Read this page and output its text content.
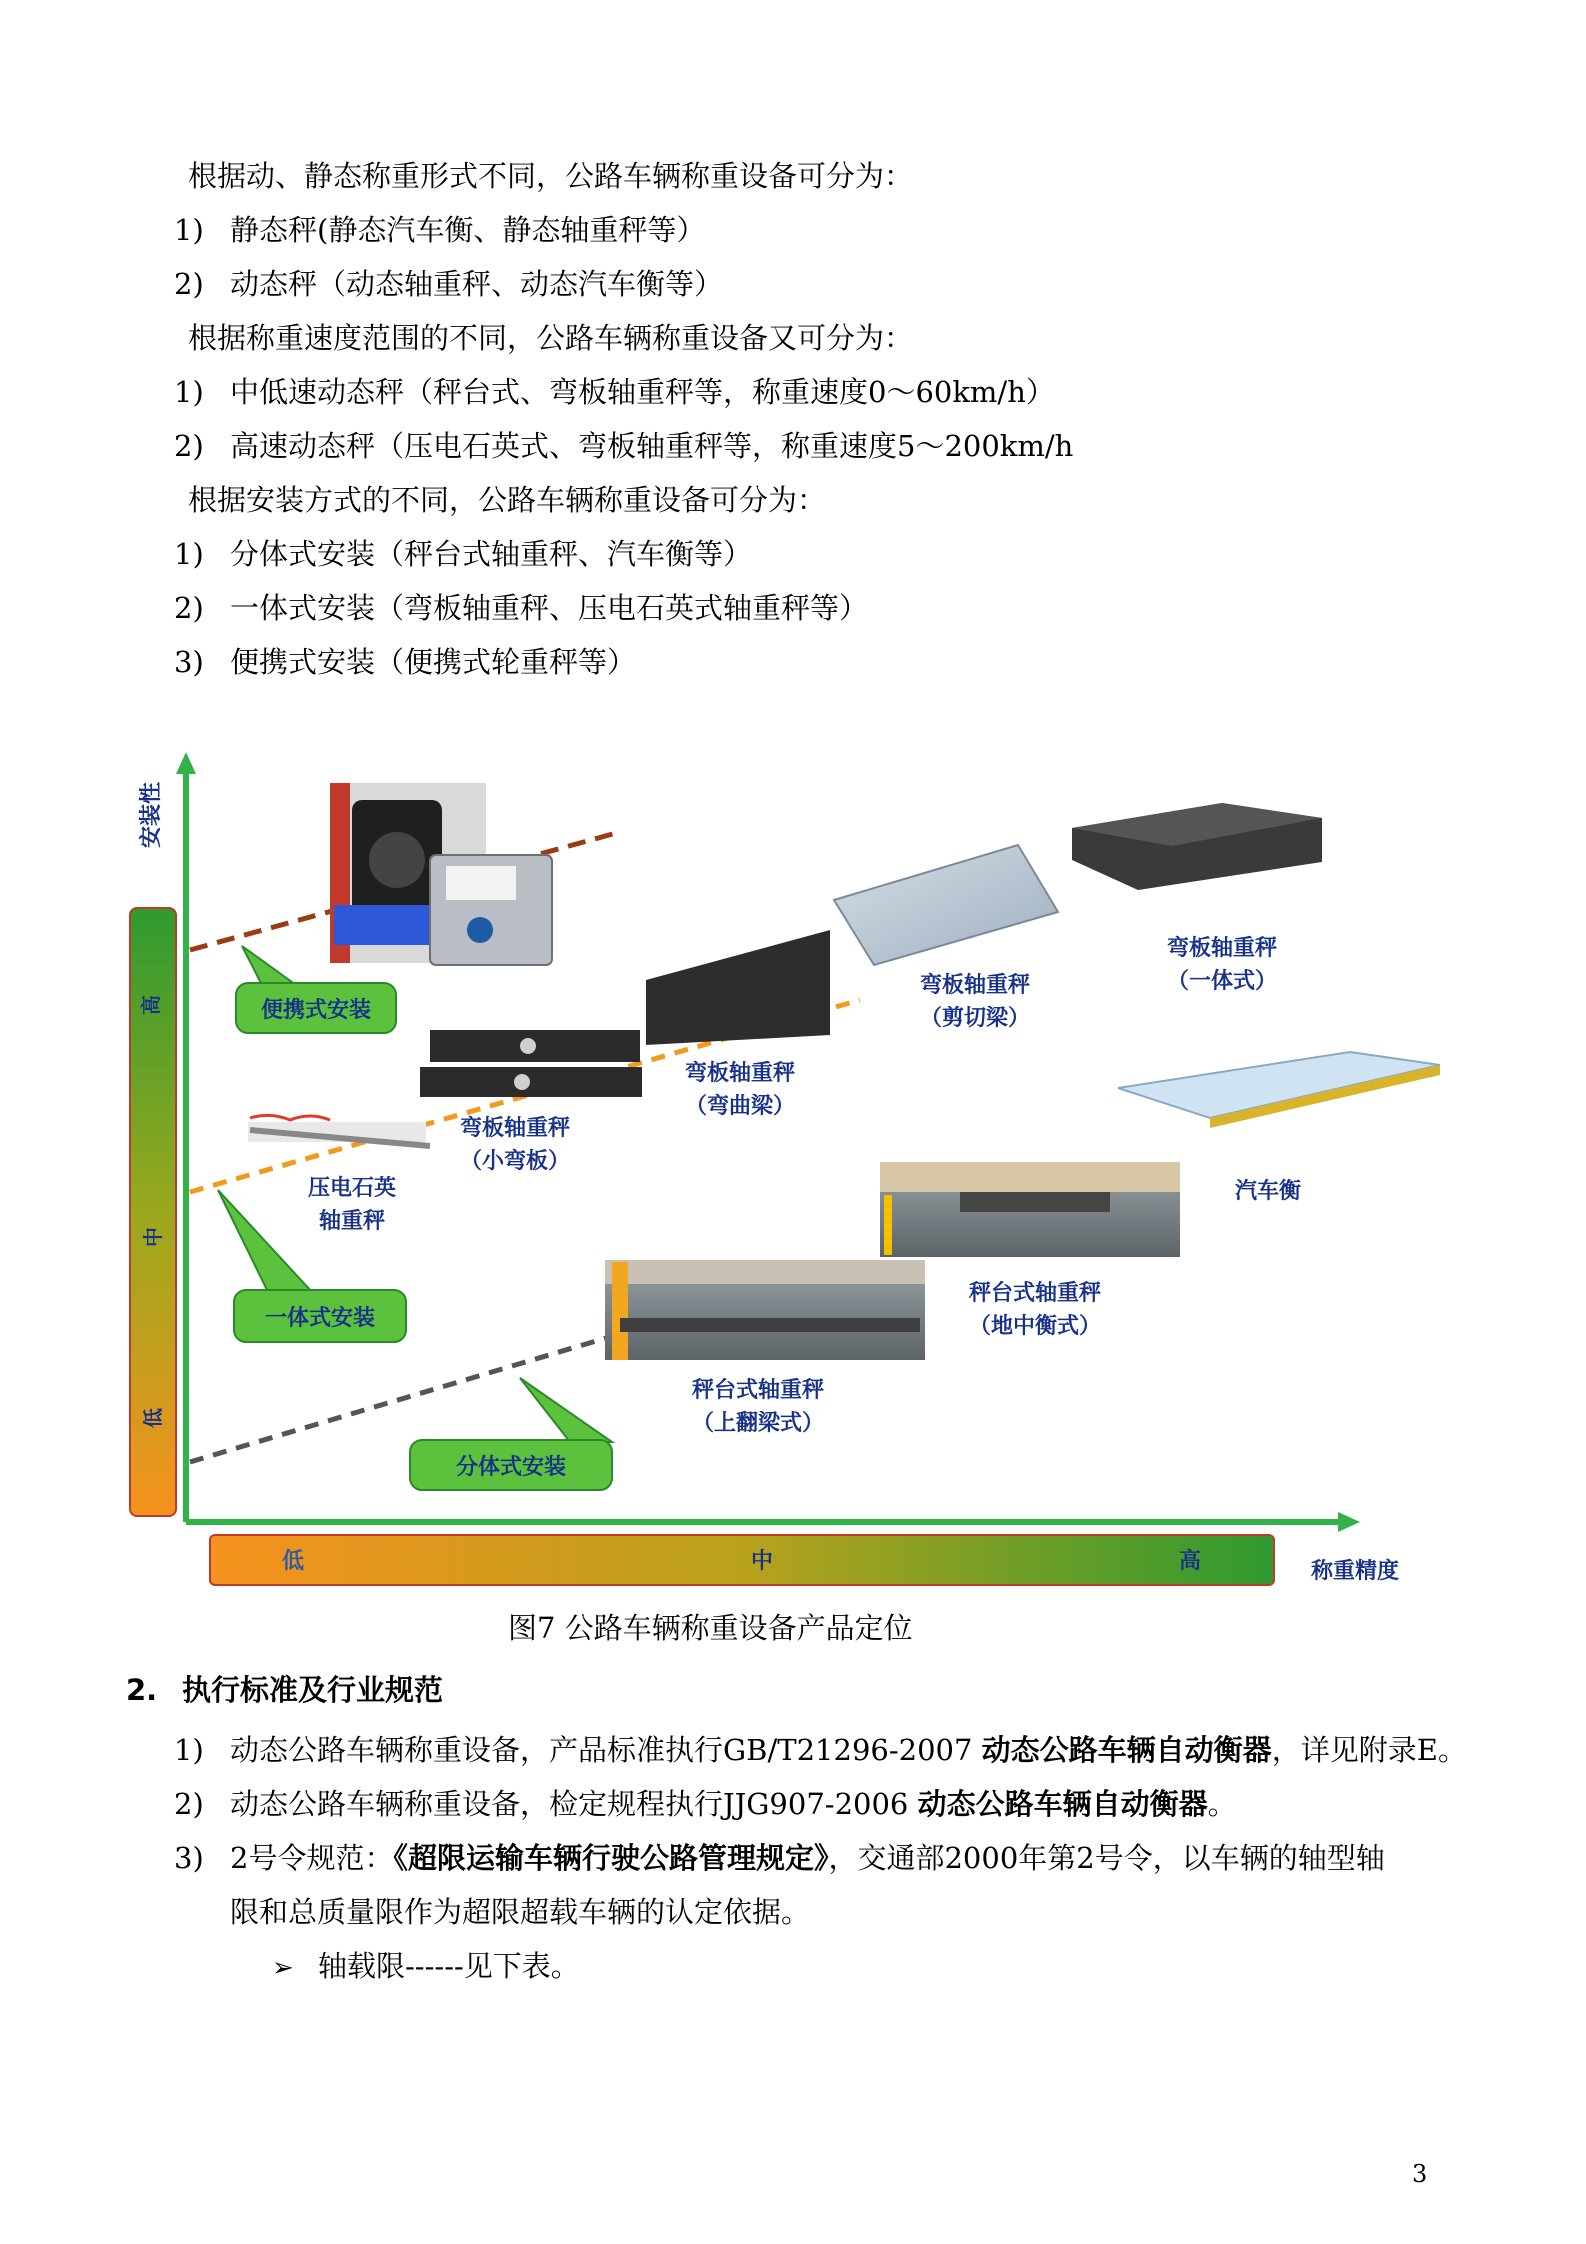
根据动、静态称重形式不同，公路车辆称重设备可分为：
1) 静态秤(静态汽车衡、静态轴重秤等）
2) 动态秤（动态轴重秤、动态汽车衡等）
根据称重速度范围的不同，公路车辆称重设备又可分为：
1) 中低速动态秤（秤台式、弯板轴重秤等，称重速度0～60km/h）
2) 高速动态秤（压电石英式、弯板轴重秤等，称重速度5～200km/h
根据安装方式的不同，公路车辆称重设备可分为：
1) 分体式安装（秤台式轴重秤、汽车衡等）
2) 一体式安装（弯板轴重秤、压电石英式轴重秤等）
3) 便携式安装（便携式轮重秤等）
安装性
称重精度
高
中
低
低	中	高
便携式安装
一体式安装
分体式安装
压电石英
轴重秤
弯板轴重秤
（小弯板）
弯板轴重秤
（弯曲梁）
弯板轴重秤
（剪切梁）
弯板轴重秤
（一体式）
汽车衡
秤台式轴重秤
（地中衡式）
秤台式轴重秤
（上翻梁式）
图7 公路车辆称重设备产品定位
2. 执行标准及行业规范
1) 动态公路车辆称重设备，产品标准执行GB/T21296-2007 动态公路车辆自动衡器，详见附录E。
2) 动态公路车辆称重设备，检定规程执行JJG907-2006 动态公路车辆自动衡器。
3) 2号令规范：《超限运输车辆行驶公路管理规定》，交通部2000年第2号令，以车辆的轴型轴
限和总质量限作为超限超载车辆的认定依据。
➢ 轴载限------见下表。
3
